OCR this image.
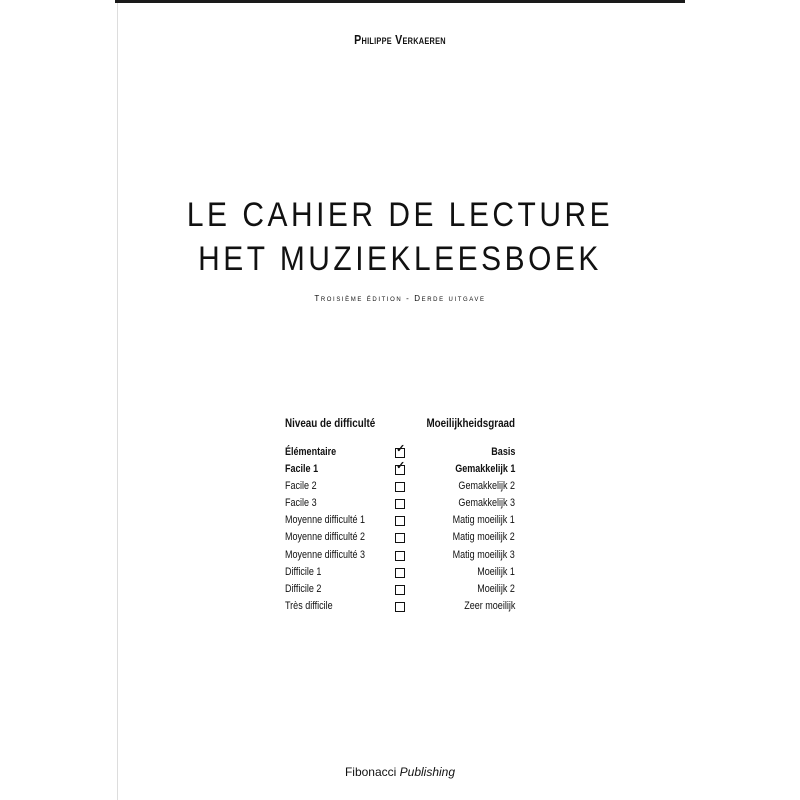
Philippe Verkaeren
LE CAHIER DE LECTURE
HET MUZIEKLEESBOEK
Troisième édition - Derde uitgave
Niveau de difficulté	Moeilijkheidsgraad
Élémentaire ✓	Basis
Facile 1 ✓	Gemakkelijk 1
Facile 2	Gemakkelijk 2
Facile 3	Gemakkelijk 3
Moyenne difficulté 1	Matig moeilijk 1
Moyenne difficulté 2	Matig moeilijk 2
Moyenne difficulté 3	Matig moeilijk 3
Difficile 1	Moeilijk 1
Difficile 2	Moeilijk 2
Très difficile	Zeer moeilijk
Fibonacci Publishing
